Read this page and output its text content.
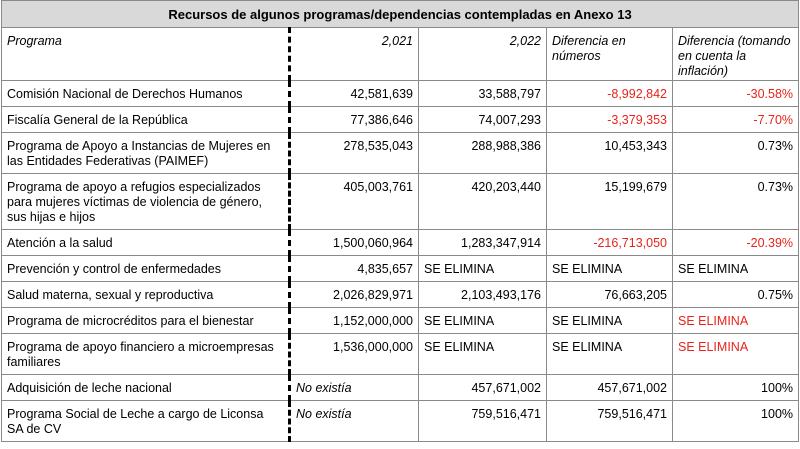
Recursos de algunos programas/dependencias contempladas en Anexo 13				
Programa	2,021	2,022	Diferencia en números	Diferencia (tomando en cuenta la inflación)
Comisión Nacional de Derechos Humanos	42,581,639	33,588,797	-8,992,842	-30.58%
Fiscalía General de la República	77,386,646	74,007,293	-3,379,353	-7.70%
Programa de Apoyo a Instancias de Mujeres en las Entidades Federativas (PAIMEF)	278,535,043	288,988,386	10,453,343	0.73%
Programa de apoyo a refugios especializados para mujeres víctimas de violencia de género, sus hijas e hijos	405,003,761	420,203,440	15,199,679	0.73%
Atención a la salud	1,500,060,964	1,283,347,914	-216,713,050	-20.39%
Prevención y control de enfermedades	4,835,657	SE ELIMINA	SE ELIMINA	SE ELIMINA
Salud materna, sexual y reproductiva	2,026,829,971	2,103,493,176	76,663,205	0.75%
Programa de microcréditos para el bienestar	1,152,000,000	SE ELIMINA	SE ELIMINA	SE ELIMINA
Programa de apoyo financiero a microempresas familiares	1,536,000,000	SE ELIMINA	SE ELIMINA	SE ELIMINA
Adquisición de leche nacional	No existía	457,671,002	457,671,002	100%
Programa Social de Leche a cargo de Liconsa SA de CV	No existía	759,516,471	759,516,471	100%
